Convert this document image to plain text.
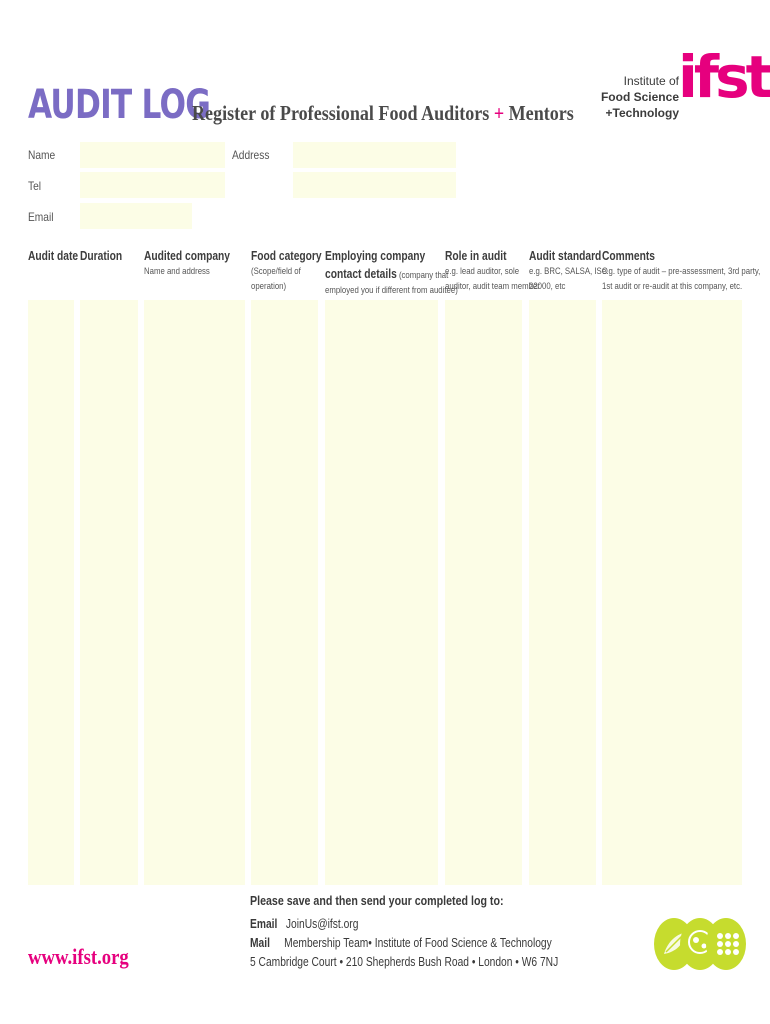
AUDIT LOG
Register of Professional Food Auditors + Mentors
Institute of
Food Science
+Technology
ifst
Name	Address
Tel
Email
Audit date Duration	Audited company
Name and address
Food category
(Scope/field of
operation)
Employing company
contact details (company that
employed you if different from auditee)
Role in audit
e.g. lead auditor, sole
auditor, audit team member
Audit standard
e.g. BRC, SALSA, ISO
22000, etc
Comments
e.g. type of audit – pre-assessment, 3rd party,
1st audit or re-audit at this company, etc.
Please save and then send your completed log to:
Email JoinUs@ifst.org
Mail Membership Team• Institute of Food Science & Technology
5 Cambridge Court • 210 Shepherds Bush Road • London • W6 7NJ
www.ifst.org
